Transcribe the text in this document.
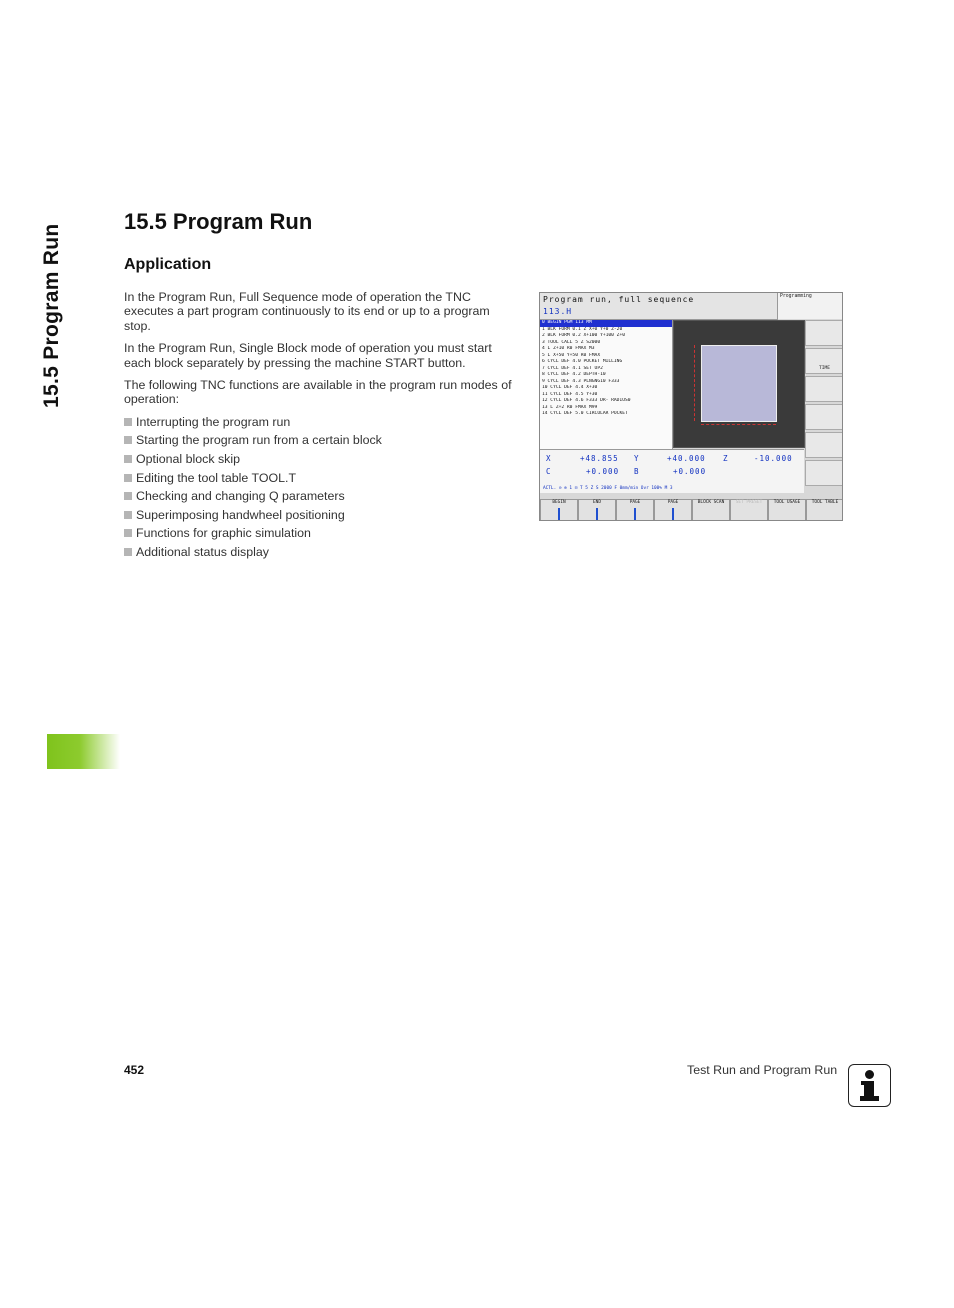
15.5 Program Run
15.5 Program Run
Application

In the Program Run, Full Sequence mode of operation the TNC executes a part program continuously to its end or up to a program stop.

In the Program Run, Single Block mode of operation you must start each block separately by pressing the machine START button.

The following TNC functions are available in the program run modes of operation:

Interrupting the program run
Starting the program run from a certain block
Optional block skip
Editing the tool table TOOL.T
Checking and changing Q parameters
Superimposing handwheel positioning
Functions for graphic simulation
Additional status display
Program run, full sequence
113.H
Programming
0 BEGIN PGM 113 MM
1 BLK FORM 0.1 Z X+0 Y+0 Z-20
2 BLK FORM 0.2 X+100 Y+100 Z+0
3 TOOL CALL 5 Z S2000
4 L Z+10 R0 FMAX M3
5 L X+50 Y+50 R0 FMAX
6 CYCL DEF 4.0 POCKET MILLING
7 CYCL DEF 4.1 SET UP2
8 CYCL DEF 4.2 DEPTH-10
9 CYCL DEF 4.3 PLNGNG10 F333
10 CYCL DEF 4.4 X+30
11 CYCL DEF 4.5 Y+30
12 CYCL DEF 4.6 F333 DR- RADIUS0
13 L Z+2 R0 FMAX M99
14 CYCL DEF 5.0 CIRCULAR POCKET
TIME
X	+48.855 Y	+40.000 Z	-10.000
C	+0.000 B	+0.000
ACTL. ⊙ ⊕ 1 ⊡ T 5 Z S 2000 F 0mm/min Ovr 100% M 3
BEGIN	END	PAGE	PAGE	BLOCK SCAN	SET PRESET	TOOL USAGE	TOOL TABLE
452	Test Run and Program Run
